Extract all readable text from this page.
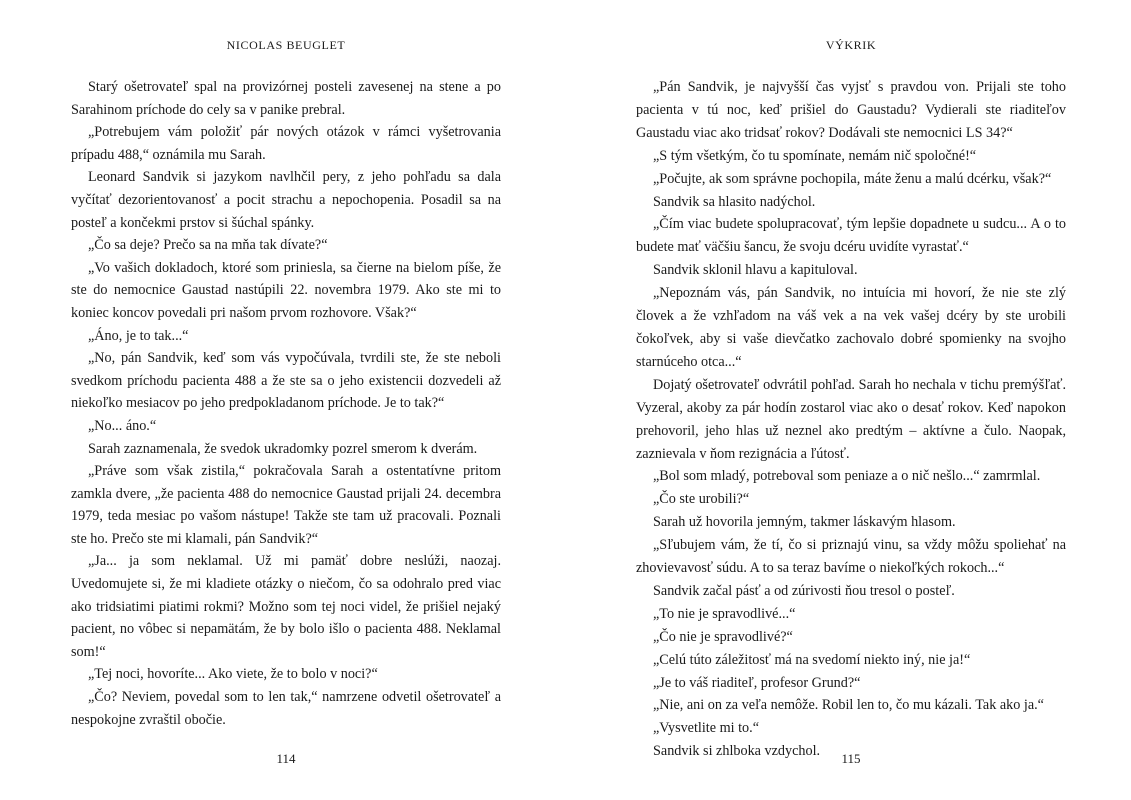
NICOLAS BEUGLET

Starý ošetrovateľ spal na provizórnej posteli zavesenej na stene a po Sarahinom príchode do cely sa v panike prebral.

„Potrebujem vám položiť pár nových otázok v rámci vyšetrovania prípadu 488,“ oznámila mu Sarah.

Leonard Sandvik si jazykom navlhčil pery, z jeho pohľadu sa dala vyčítať dezorientovanosť a pocit strachu a nepochopenia. Posadil sa na posteľ a končekmi prstov si šúchal spánky.

„Čo sa deje? Prečo sa na mňa tak dívate?“

„Vo vašich dokladoch, ktoré som priniesla, sa čierne na bielom píše, že ste do nemocnice Gaustad nastúpili 22. novembra 1979. Ako ste mi to koniec koncov povedali pri našom prvom rozhovore. Však?“

„Áno, je to tak...“

„No, pán Sandvik, keď som vás vypočúvala, tvrdili ste, že ste neboli svedkom príchodu pacienta 488 a že ste sa o jeho existencii dozvedeli až niekoľko mesiacov po jeho predpokladanom príchode. Je to tak?“

„No... áno.“

Sarah zaznamenala, že svedok ukradomky pozrel smerom k dverám.

„Práve som však zistila,“ pokračovala Sarah a ostentatívne pritom zamkla dvere, „že pacienta 488 do nemocnice Gaustad prijali 24. decembra 1979, teda mesiac po vašom nástupe! Takže ste tam už pracovali. Poznali ste ho. Prečo ste mi klamali, pán Sandvik?“

„Ja... ja som neklamal. Už mi pamäť dobre neslúži, naozaj. Uvedomujete si, že mi kladiete otázky o niečom, čo sa odohralo pred viac ako tridsiatimi piatimi rokmi? Možno som tej noci videl, že prišiel nejaký pacient, no vôbec si nepamätám, že by bolo išlo o pacienta 488. Neklamal som!“

„Tej noci, hovoríte... Ako viete, že to bolo v noci?“

„Čo? Neviem, povedal som to len tak,“ namrzene odvetil ošetrovateľ a nespokojne zvraštil obočie.

114
VÝKRIK

„Pán Sandvik, je najvyšší čas vyjsť s pravdou von. Prijali ste toho pacienta v tú noc, keď prišiel do Gaustadu? Vydierali ste riaditeľov Gaustadu viac ako tridsať rokov? Dodávali ste nemocnici LS 34?“

„S tým všetkým, čo tu spomínate, nemám nič spoločné!“

„Počujte, ak som správne pochopila, máte ženu a malú dcérku, však?“

Sandvik sa hlasito nadýchol.

„Čím viac budete spolupracovať, tým lepšie dopadnete u sudcu... A o to budete mať väčšiu šancu, že svoju dcéru uvidíte vyrastať.“

Sandvik sklonil hlavu a kapituloval.

„Nepoznám vás, pán Sandvik, no intuícia mi hovorí, že nie ste zlý človek a že vzhľadom na váš vek a na vek vašej dcéry by ste urobili čokoľvek, aby si vaše dievčatko zachovalo dobré spomienky na svojho starnúceho otca...“

Dojatý ošetrovateľ odvrátil pohľad. Sarah ho nechala v tichu premýšľať. Vyzeral, akoby za pár hodín zostarol viac ako o desať rokov. Keď napokon prehovoril, jeho hlas už neznel ako predtým – aktívne a čulo. Naopak, zaznievala v ňom rezignácia a ľútosť.

„Bol som mladý, potreboval som peniaze a o nič nešlo...“ zamrmlal.

„Čo ste urobili?“

Sarah už hovorila jemným, takmer láskavým hlasom.

„Sľubujem vám, že tí, čo si priznajú vinu, sa vždy môžu spoliehať na zhovievavosť súdu. A to sa teraz bavíme o niekoľkých rokoch...“

Sandvik začal pásť a od zúrivosti ňou tresol o posteľ.

„To nie je spravodlivé...“

„Čo nie je spravodlivé?“

„Celú túto záležitosť má na svedomí niekto iný, nie ja!“

„Je to váš riaditeľ, profesor Grund?“

„Nie, ani on za veľa nemôže. Robil len to, čo mu kázali. Tak ako ja.“

„Vysvetlite mi to.“

Sandvik si zhlboka vzdychol.	115
